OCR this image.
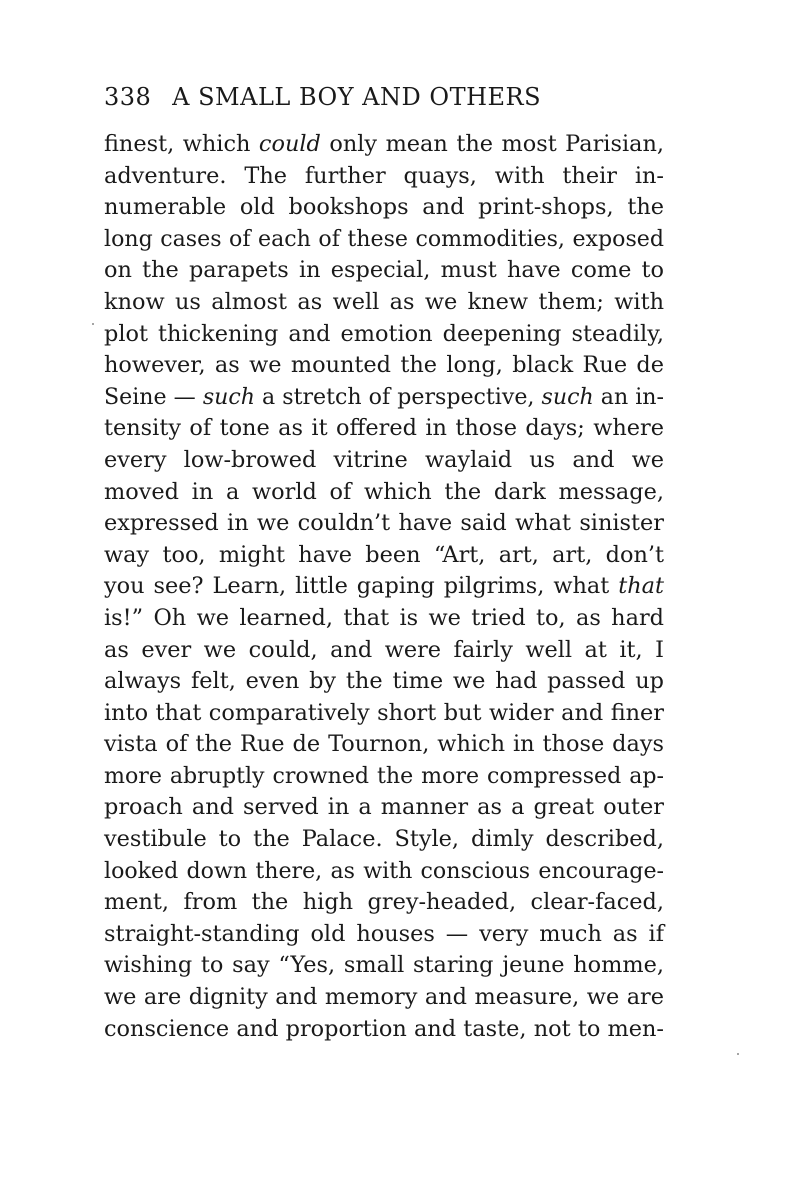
338 A SMALL BOY AND OTHERS
finest, which could only mean the most Parisian,
adventure. The further quays, with their in-
numerable old bookshops and print-shops, the
long cases of each of these commodities, exposed
on the parapets in especial, must have come to
know us almost as well as we knew them; with
plot thickening and emotion deepening steadily,
however, as we mounted the long, black Rue de
Seine — such a stretch of perspective, such an in-
tensity of tone as it offered in those days; where
every low-browed vitrine waylaid us and we
moved in a world of which the dark message,
expressed in we couldn’t have said what sinister
way too, might have been “Art, art, art, don’t
you see? Learn, little gaping pilgrims, what that
is!” Oh we learned, that is we tried to, as hard
as ever we could, and were fairly well at it, I
always felt, even by the time we had passed up
into that comparatively short but wider and finer
vista of the Rue de Tournon, which in those days
more abruptly crowned the more compressed ap-
proach and served in a manner as a great outer
vestibule to the Palace. Style, dimly described,
looked down there, as with conscious encourage-
ment, from the high grey-headed, clear-faced,
straight-standing old houses — very much as if
wishing to say “Yes, small staring jeune homme,
we are dignity and memory and measure, we are
conscience and proportion and taste, not to men-
